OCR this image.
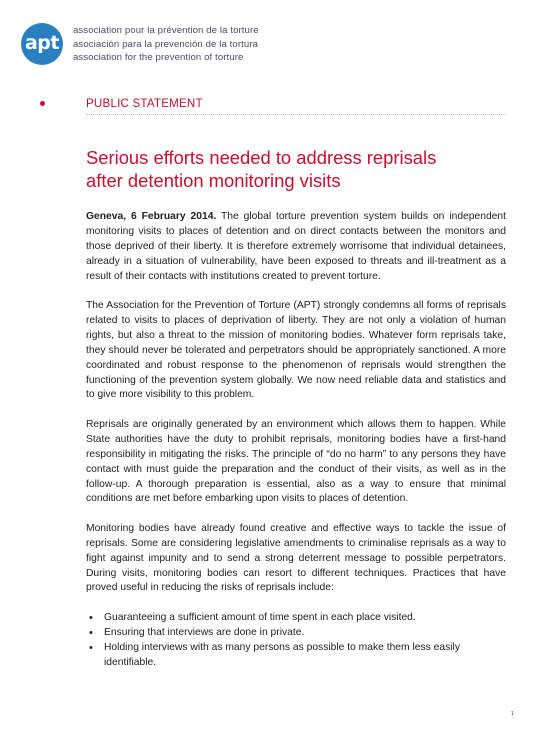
apt
association pour la prévention de la torture
asociación para la prevención de la tortura
association for the prevention of torture
PUBLIC STATEMENT
Serious efforts needed to address reprisals
after detention monitoring visits

Geneva, 6 February 2014. The global torture prevention system builds on independent monitoring visits to places of detention and on direct contacts between the monitors and those deprived of their liberty. It is therefore extremely worrisome that individual detainees, already in a situation of vulnerability, have been exposed to threats and ill-treatment as a result of their contacts with institutions created to prevent torture.

The Association for the Prevention of Torture (APT) strongly condemns all forms of reprisals related to visits to places of deprivation of liberty. They are not only a violation of human rights, but also a threat to the mission of monitoring bodies. Whatever form reprisals take, they should never be tolerated and perpetrators should be appropriately sanctioned. A more coordinated and robust response to the phenomenon of reprisals would strengthen the functioning of the prevention system globally. We now need reliable data and statistics and to give more visibility to this problem.

Reprisals are originally generated by an environment which allows them to happen. While State authorities have the duty to prohibit reprisals, monitoring bodies have a first-hand responsibility in mitigating the risks. The principle of “do no harm” to any persons they have contact with must guide the preparation and the conduct of their visits, as well as in the follow-up. A thorough preparation is essential, also as a way to ensure that minimal conditions are met before embarking upon visits to places of detention.

Monitoring bodies have already found creative and effective ways to tackle the issue of reprisals. Some are considering legislative amendments to criminalise reprisals as a way to fight against impunity and to send a strong deterrent message to possible perpetrators. During visits, monitoring bodies can resort to different techniques. Practices that have proved useful in reducing the risks of reprisals include:

• Guaranteeing a sufficient amount of time spent in each place visited.
• Ensuring that interviews are done in private.
• Holding interviews with as many persons as possible to make them less easily identifiable.
1
